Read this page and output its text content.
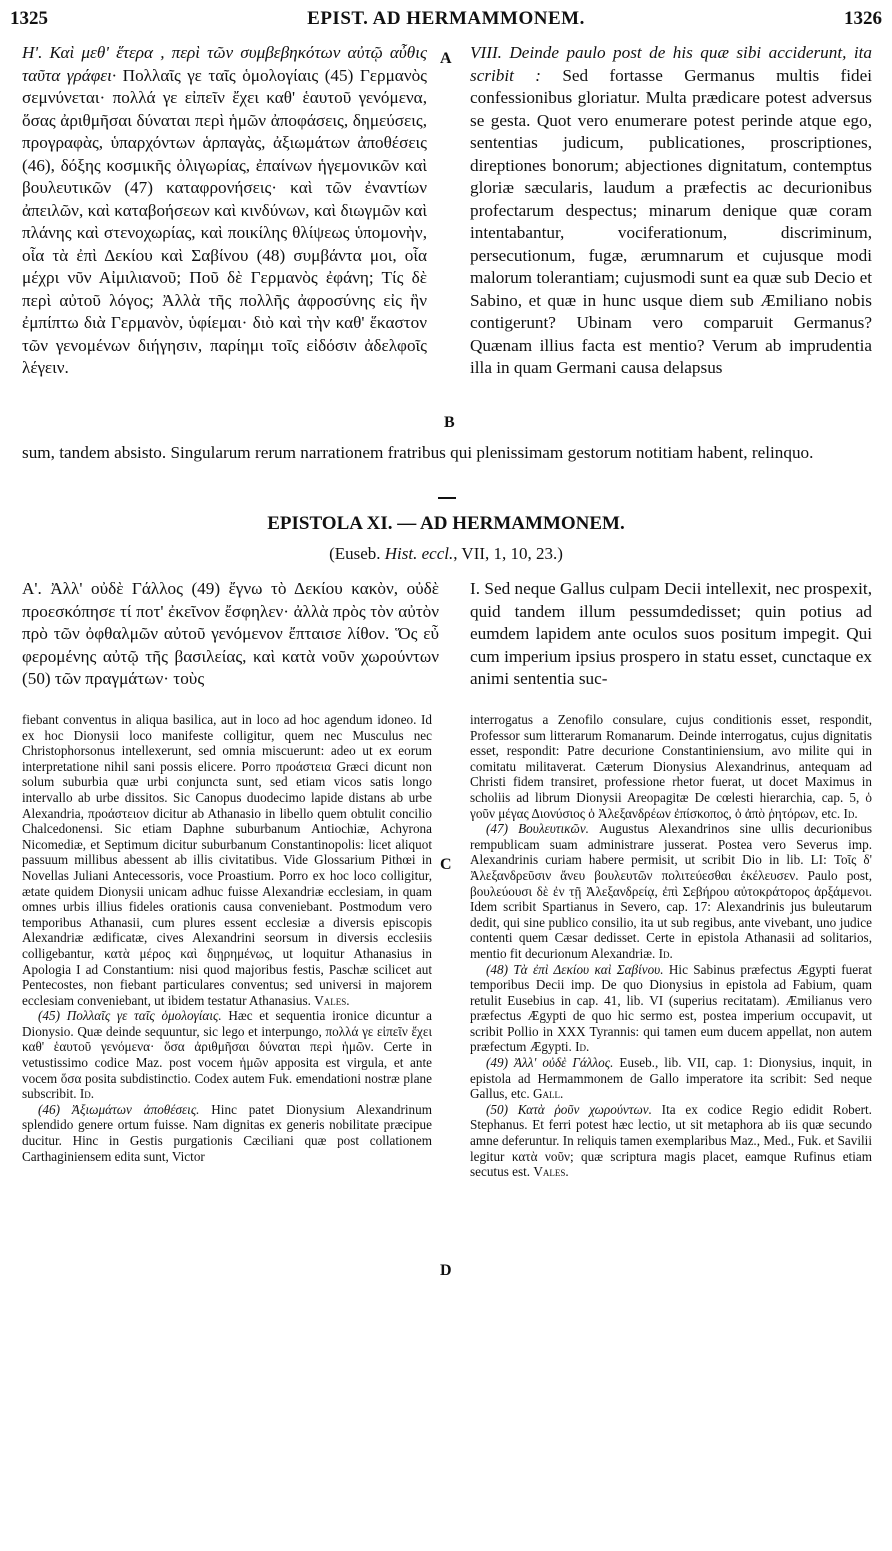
1325	EPIST. AD HERMAMMONEM.	1326

Η'. Καὶ μεθ' ἕτερα , περὶ τῶν συμβεβηκότων αὐτῷ αὖθις ταῦτα γράφει· Πολλαῖς γε ταῖς ὁμολογίαις (45) Γερμανὸς σεμνύνεται· πολλά γε εἰπεῖν ἔχει καθ' ἑαυτοῦ γενόμενα, ὅσας ἀριθμῆσαι δύναται περὶ ἡμῶν ἀποφάσεις, δημεύσεις, προγραφὰς, ὑπαρχόντων ἁρπαγὰς, ἀξιωμάτων ἀποθέσεις (46), δόξης κοσμικῆς ὀλιγωρίας, ἐπαίνων ἡγεμονικῶν καὶ βουλευτικῶν (47) καταφρονήσεις· καὶ τῶν ἐναντίων ἀπειλῶν, καὶ καταβοήσεων καὶ κινδύνων, καὶ διωγμῶν καὶ πλάνης καὶ στενοχωρίας, καὶ ποικίλης θλίψεως ὑπομονὴν, οἷα τὰ ἐπὶ Δεκίου καὶ Σαβίνου (48) συμβάντα μοι, οἷα μέχρι νῦν Αἰμιλιανοῦ; Ποῦ δὲ Γερμανὸς ἐφάνη; Τίς δὲ περὶ αὐτοῦ λόγος; Ἀλλὰ τῆς πολλῆς ἀφροσύνης εἰς ἣν ἐμπίπτω διὰ Γερμανὸν, ὑφίεμαι· διὸ καὶ τὴν καθ' ἕκαστον τῶν γενομένων διήγησιν, παρίημι τοῖς εἰδόσιν ἀδελφοῖς λέγειν.

A VIII. Deinde paulo post de his quæ sibi acciderunt, ita scribit : Sed fortasse Germanus multis fidei confessionibus gloriatur. Multa prædicare potest adversus se gesta. Quot vero enumerare potest perinde atque ego, sententias judicum, publicationes, proscriptiones, direptiones bonorum; abjectiones dignitatum, contemptus gloriæ sæcularis, laudum a præfectis ac decurionibus profectarum despectus; minarum denique quæ coram intentabantur, vociferationum, discriminum, persecutionum, fugæ, ærumnarum et cujusque modi malorum tolerantiam; cujusmodi sunt ea quæ sub Decio et Sabino, et quæ in hunc usque diem sub Æmiliano nobis contigerunt? Ubinam vero comparuit Germanus? Quænam illius facta est mentio? Verum ab imprudentia illa in quam Germani causa delapsus

B
sum, tandem absisto. Singularum rerum narrationem fratribus qui plenissimam gestorum notitiam habent, relinquo.
EPISTOLA XI. — AD HERMAMMONEM.
(Euseb. Hist. eccl., VII, 1, 10, 23.)
Α'. Ἀλλ' οὐδὲ Γάλλος (49) ἔγνω τὸ Δεκίου κακὸν, οὐδὲ προεσκόπησε τί ποτ' ἐκεῖνον ἔσφηλεν· ἀλλὰ πρὸς τὸν αὐτὸν πρὸ τῶν ὀφθαλμῶν αὐτοῦ γενόμενον ἔπταισε λίθον. Ὅς εὖ φερομένης αὐτῷ τῆς βασιλείας, καὶ κατὰ νοῦν χωρούντων (50) τῶν πραγμάτων· τοὺς
I. Sed neque Gallus culpam Decii intellexit, nec prospexit, quid tandem illum pessumdedisset; quin potius ad eumdem lapidem ante oculos suos positum impegit. Qui cum imperium ipsius prospero in statu esset, cunctaque ex animi sententia suc-

fiebant conventus in aliqua basilica, aut in loco ad hoc agendum idoneo. Id ex hoc Dionysii loco manifeste colligitur, quem nec Musculus nec Christophorsonus intellexerunt, sed omnia miscuerunt: adeo ut ex eorum interpretatione nihil sani possis elicere. Porro προάστεια Græci dicunt non solum suburbia quæ urbi conjuncta sunt, sed etiam vicos satis longo intervallo ab urbe dissitos. Sic Canopus duodecimo lapide distans ab urbe Alexandria, προάστειον dicitur ab Athanasio in libello quem obtulit concilio Chalcedonensi. Sic etiam Daphne suburbanum Antiochiæ, Achyrona Nicomediæ, et Septimum dicitur suburbanum Constantinopolis: licet aliquot passuum millibus abessent ab illis civitatibus. Vide Glossarium Pithœi in Novellas Juliani Antecessoris, voce Proastium. Porro ex hoc loco colligitur, ætate quidem Dionysii unicam adhuc fuisse Alexandriæ ecclesiam, in quam omnes urbis illius fideles orationis causa conveniebant. Postmodum vero temporibus Athanasii, cum plures essent ecclesiæ a diversis episcopis Alexandriæ ædificatæ, cives Alexandrini seorsum in diversis ecclesiis colligebantur, κατὰ μέρος καὶ διῃρημένως, ut loquitur Athanasius in Apologia I ad Constantium: nisi quod majoribus festis, Paschæ scilicet aut Pentecostes, non fiebant particulares conventus; sed universi in majorem ecclesiam conveniebant, ut ibidem testatur Athanasius. Vales.

(45) Πολλαῖς γε ταῖς ὁμολογίαις. Hæc et sequentia ironice dicuntur a Dionysio. Quæ deinde sequuntur, sic lego et interpungo, πολλά γε εἰπεῖν ἔχει καθ' ἑαυτοῦ γενόμενα· ὅσα ἀριθμῆσαι δύναται περὶ ἡμῶν. Certe in vetustissimo codice Maz. post vocem ἡμῶν apposita est virgula, et ante vocem ὅσα posita subdistinctio. Codex autem Fuk. emendationi nostræ plane subscribit. Id.

(46) Ἀξιωμάτων ἀποθέσεις. Hinc patet Dionysium Alexandrinum splendido genere ortum fuisse. Nam dignitas ex generis nobilitate præcipue ducitur. Hinc in Gestis purgationis Cæciliani quæ post collationem Carthaginiensem edita sunt, Victor

C
D

interrogatus a Zenofilo consulare, cujus conditionis esset, respondit, Professor sum litterarum Romanarum. Deinde interrogatus, cujus dignitatis esset, respondit: Patre decurione Constantiniensium, avo milite qui in comitatu militaverat. Cæterum Dionysius Alexandrinus, antequam ad Christi fidem transiret, professione rhetor fuerat, ut docet Maximus in scholiis ad librum Dionysii Areopagitæ De cœlesti hierarchia, cap. 5, ὁ γοῦν μέγας Διονύσιος ὁ Ἀλεξανδρέων ἐπίσκοπος, ὁ ἀπὸ ῥητόρων, etc. Id.

(47) Βουλευτικῶν. Augustus Alexandrinos sine ullis decurionibus rempublicam suam administrare jusserat. Postea vero Severus imp. Alexandrinis curiam habere permisit, ut scribit Dio in lib. LI: Τοῖς δ' Ἀλεξανδρεῦσιν ἄνευ βουλευτῶν πολιτεύεσθαι ἐκέλευσεν. Paulo post, βουλεύουσι δὲ ἐν τῇ Ἀλεξανδρείᾳ, ἐπὶ Σεβήρου αὐτοκράτορος ἀρξάμενοι. Idem scribit Spartianus in Severo, cap. 17: Alexandrinis jus buleutarum dedit, qui sine publico consilio, ita ut sub regibus, ante vivebant, uno judice contenti quem Cæsar dedisset. Certe in epistola Athanasii ad solitarios, mentio fit decurionum Alexandriæ. Id.

(48) Τὰ ἐπὶ Δεκίου καὶ Σαβίνου. Hic Sabinus præfectus Ægypti fuerat temporibus Decii imp. De quo Dionysius in epistola ad Fabium, quam retulit Eusebius in cap. 41, lib. VI (superius recitatam). Æmilianus vero præfectus Ægypti de quo hic sermo est, postea imperium occupavit, ut scribit Pollio in XXX Tyrannis: qui tamen eum ducem appellat, non autem præfectum Ægypti. Id.

(49) Ἀλλ' οὐδὲ Γάλλος. Euseb., lib. VII, cap. 1: Dionysius, inquit, in epistola ad Hermammonem de Gallo imperatore ita scribit: Sed neque Gallus, etc. Gall.

(50) Κατὰ ῥοῦν χωρούντων. Ita ex codice Regio edidit Robert. Stephanus. Et ferri potest hæc lectio, ut sit metaphora ab iis quæ secundo amne deferuntur. In reliquis tamen exemplaribus Maz., Med., Fuk. et Savilii legitur κατὰ νοῦν; quæ scriptura magis placet, eamque Rufinus etiam secutus est. Vales.
